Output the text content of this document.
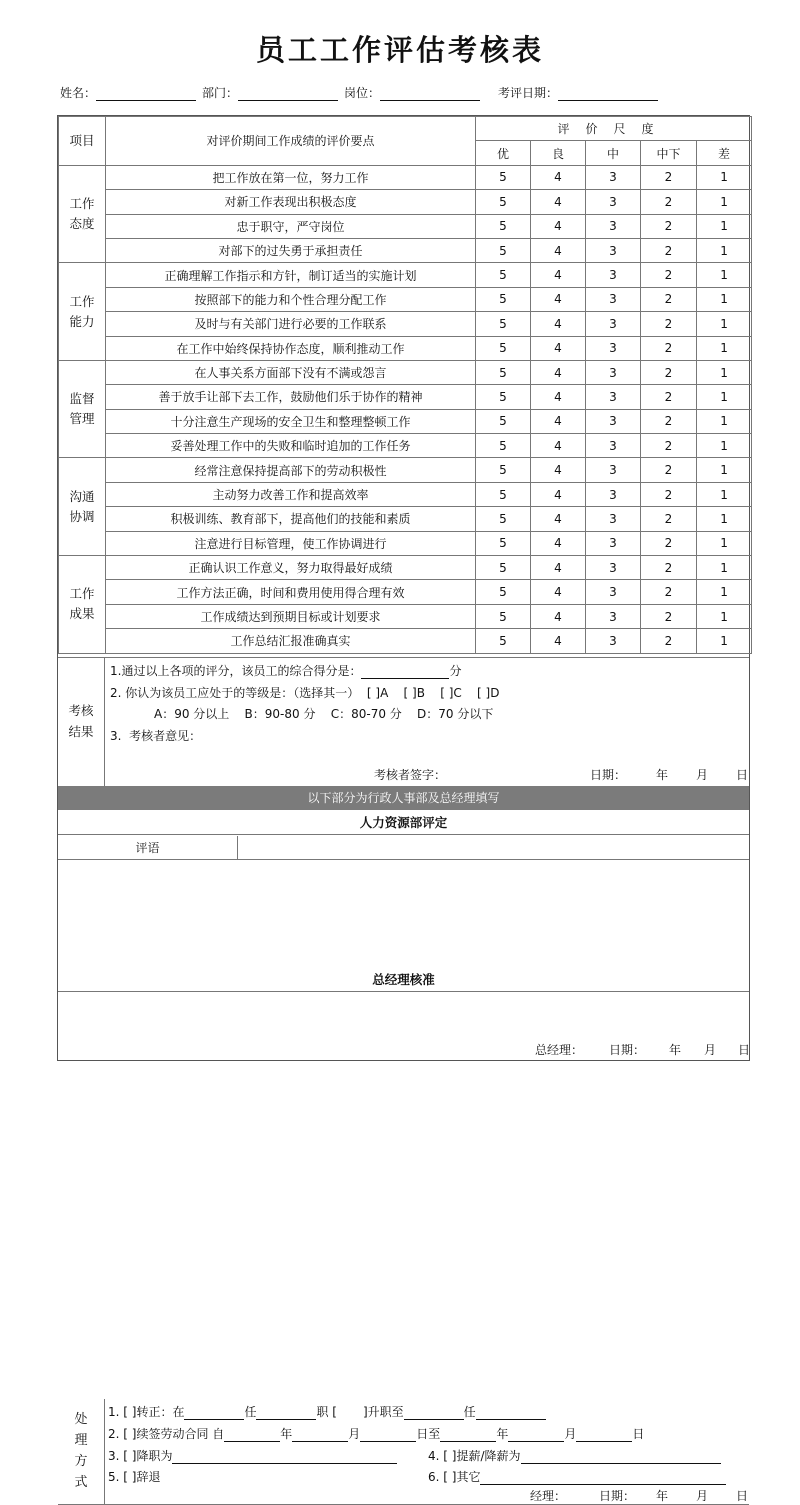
员工工作评估考核表
姓名：	部门：	岗位：	考评日期：
项目	对评价期间工作成绩的评价要点	评价尺度				
		优	良	中	中下	差
工作
态度	把工作放在第一位，努力工作	5	4	3	2	1
	对新工作表现出积极态度	5	4	3	2	1
	忠于职守，严守岗位	5	4	3	2	1
	对部下的过失勇于承担责任	5	4	3	2	1
工作
能力	正确理解工作指示和方针，制订适当的实施计划	5	4	3	2	1
	按照部下的能力和个性合理分配工作	5	4	3	2	1
	及时与有关部门进行必要的工作联系	5	4	3	2	1
	在工作中始终保持协作态度，顺利推动工作	5	4	3	2	1
监督
管理	在人事关系方面部下没有不满或怨言	5	4	3	2	1
	善于放手让部下去工作，鼓励他们乐于协作的精神	5	4	3	2	1
	十分注意生产现场的安全卫生和整理整顿工作	5	4	3	2	1
	妥善处理工作中的失败和临时追加的工作任务	5	4	3	2	1
沟通
协调	经常注意保持提高部下的劳动积极性	5	4	3	2	1
	主动努力改善工作和提高效率	5	4	3	2	1
	积极训练、教育部下，提高他们的技能和素质	5	4	3	2	1
	注意进行目标管理，使工作协调进行	5	4	3	2	1
工作
成果	正确认识工作意义，努力取得最好成绩	5	4	3	2	1
	工作方法正确，时间和费用使用得合理有效	5	4	3	2	1
	工作成绩达到预期目标或计划要求	5	4	3	2	1
	工作总结汇报准确真实	5	4	3	2	1
考核
结果
1.通过以上各项的评分，该员工的综合得分是：	分
2. 你认为该员工应处于的等级是：（选择其一）  [ ]A    [ ]B    [ ]C    [ ]D
A：90 分以上    B：90-80 分    C：80-70 分    D：70 分以下
3.  考核者意见：
考核者签字：	日期： 年 月 日
以下部分为行政人事部及总经理填写
人力资源部评定
评语
处
理
方
式
1. [ ]转正：在	任	职 [ ]升职至	任
2. [ ]续签劳动合同 自	年	月	日至	年	月	日
3. [ ]降职为	4. [ ]提薪/降薪为
5. [ ]辞退	6. [ ]其它
经理：	日期： 年 月 日
总经理核准
总经理： 日期： 年 月 日
